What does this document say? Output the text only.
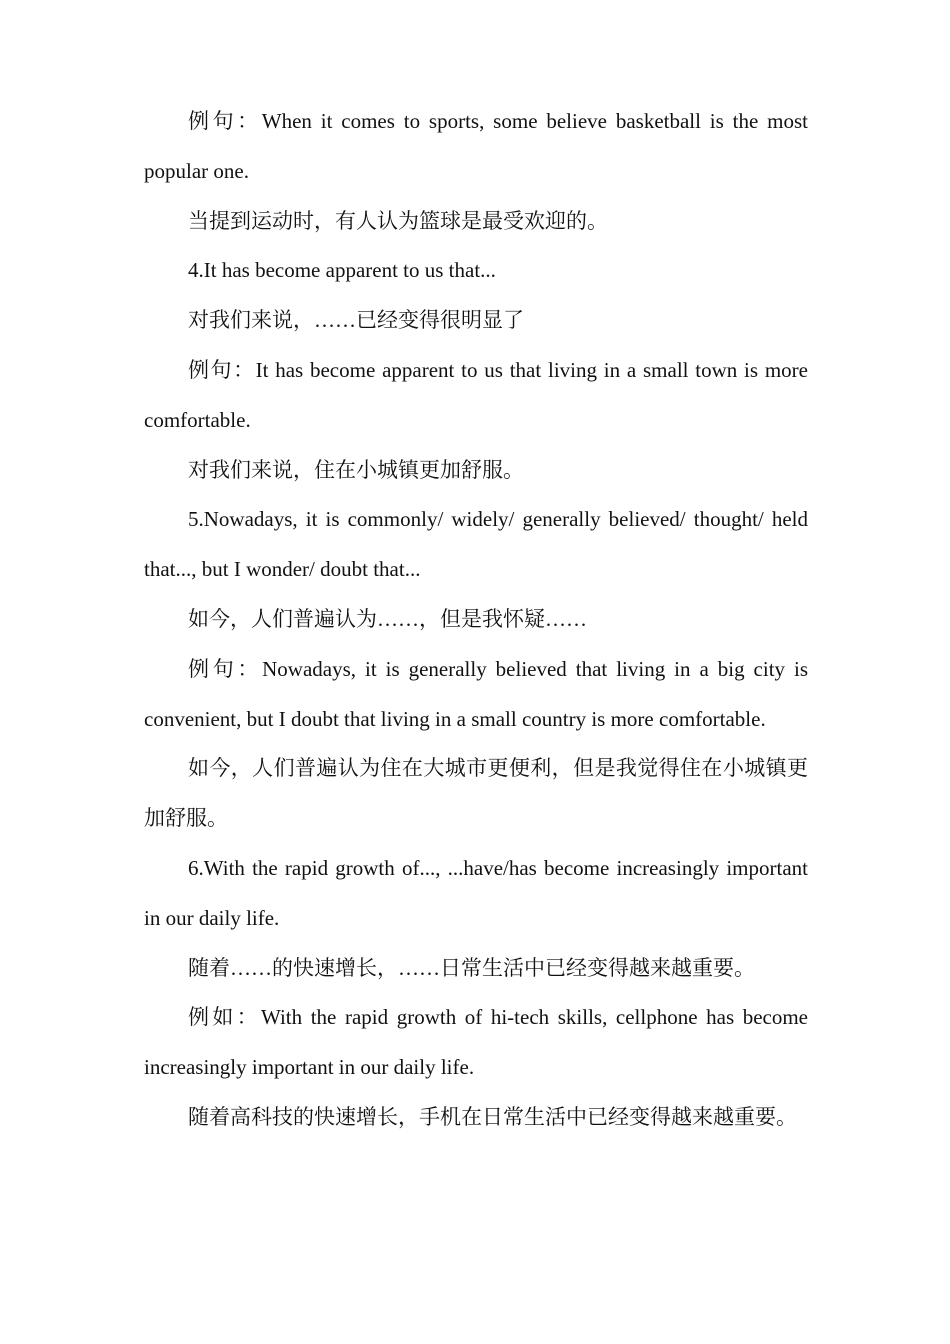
例句：When it comes to sports, some believe basketball is the most popular one.

当提到运动时，有人认为篮球是最受欢迎的。

4.It has become apparent to us that...

对我们来说，……已经变得很明显了

例句：It has become apparent to us that living in a small town is more comfortable.

对我们来说，住在小城镇更加舒服。

5.Nowadays, it is commonly/ widely/ generally believed/ thought/ held that..., but I wonder/ doubt that...

如今，人们普遍认为……，但是我怀疑……

例句：Nowadays, it is generally believed that living in a big city is convenient, but I doubt that living in a small country is more comfortable.

如今，人们普遍认为住在大城市更便利，但是我觉得住在小城镇更加舒服。

6.With the rapid growth of..., ...have/has become increasingly important in our daily life.

随着……的快速增长，……日常生活中已经变得越来越重要。

例如：With the rapid growth of hi-tech skills, cellphone has become increasingly important in our daily life.

随着高科技的快速增长，手机在日常生活中已经变得越来越重要。
